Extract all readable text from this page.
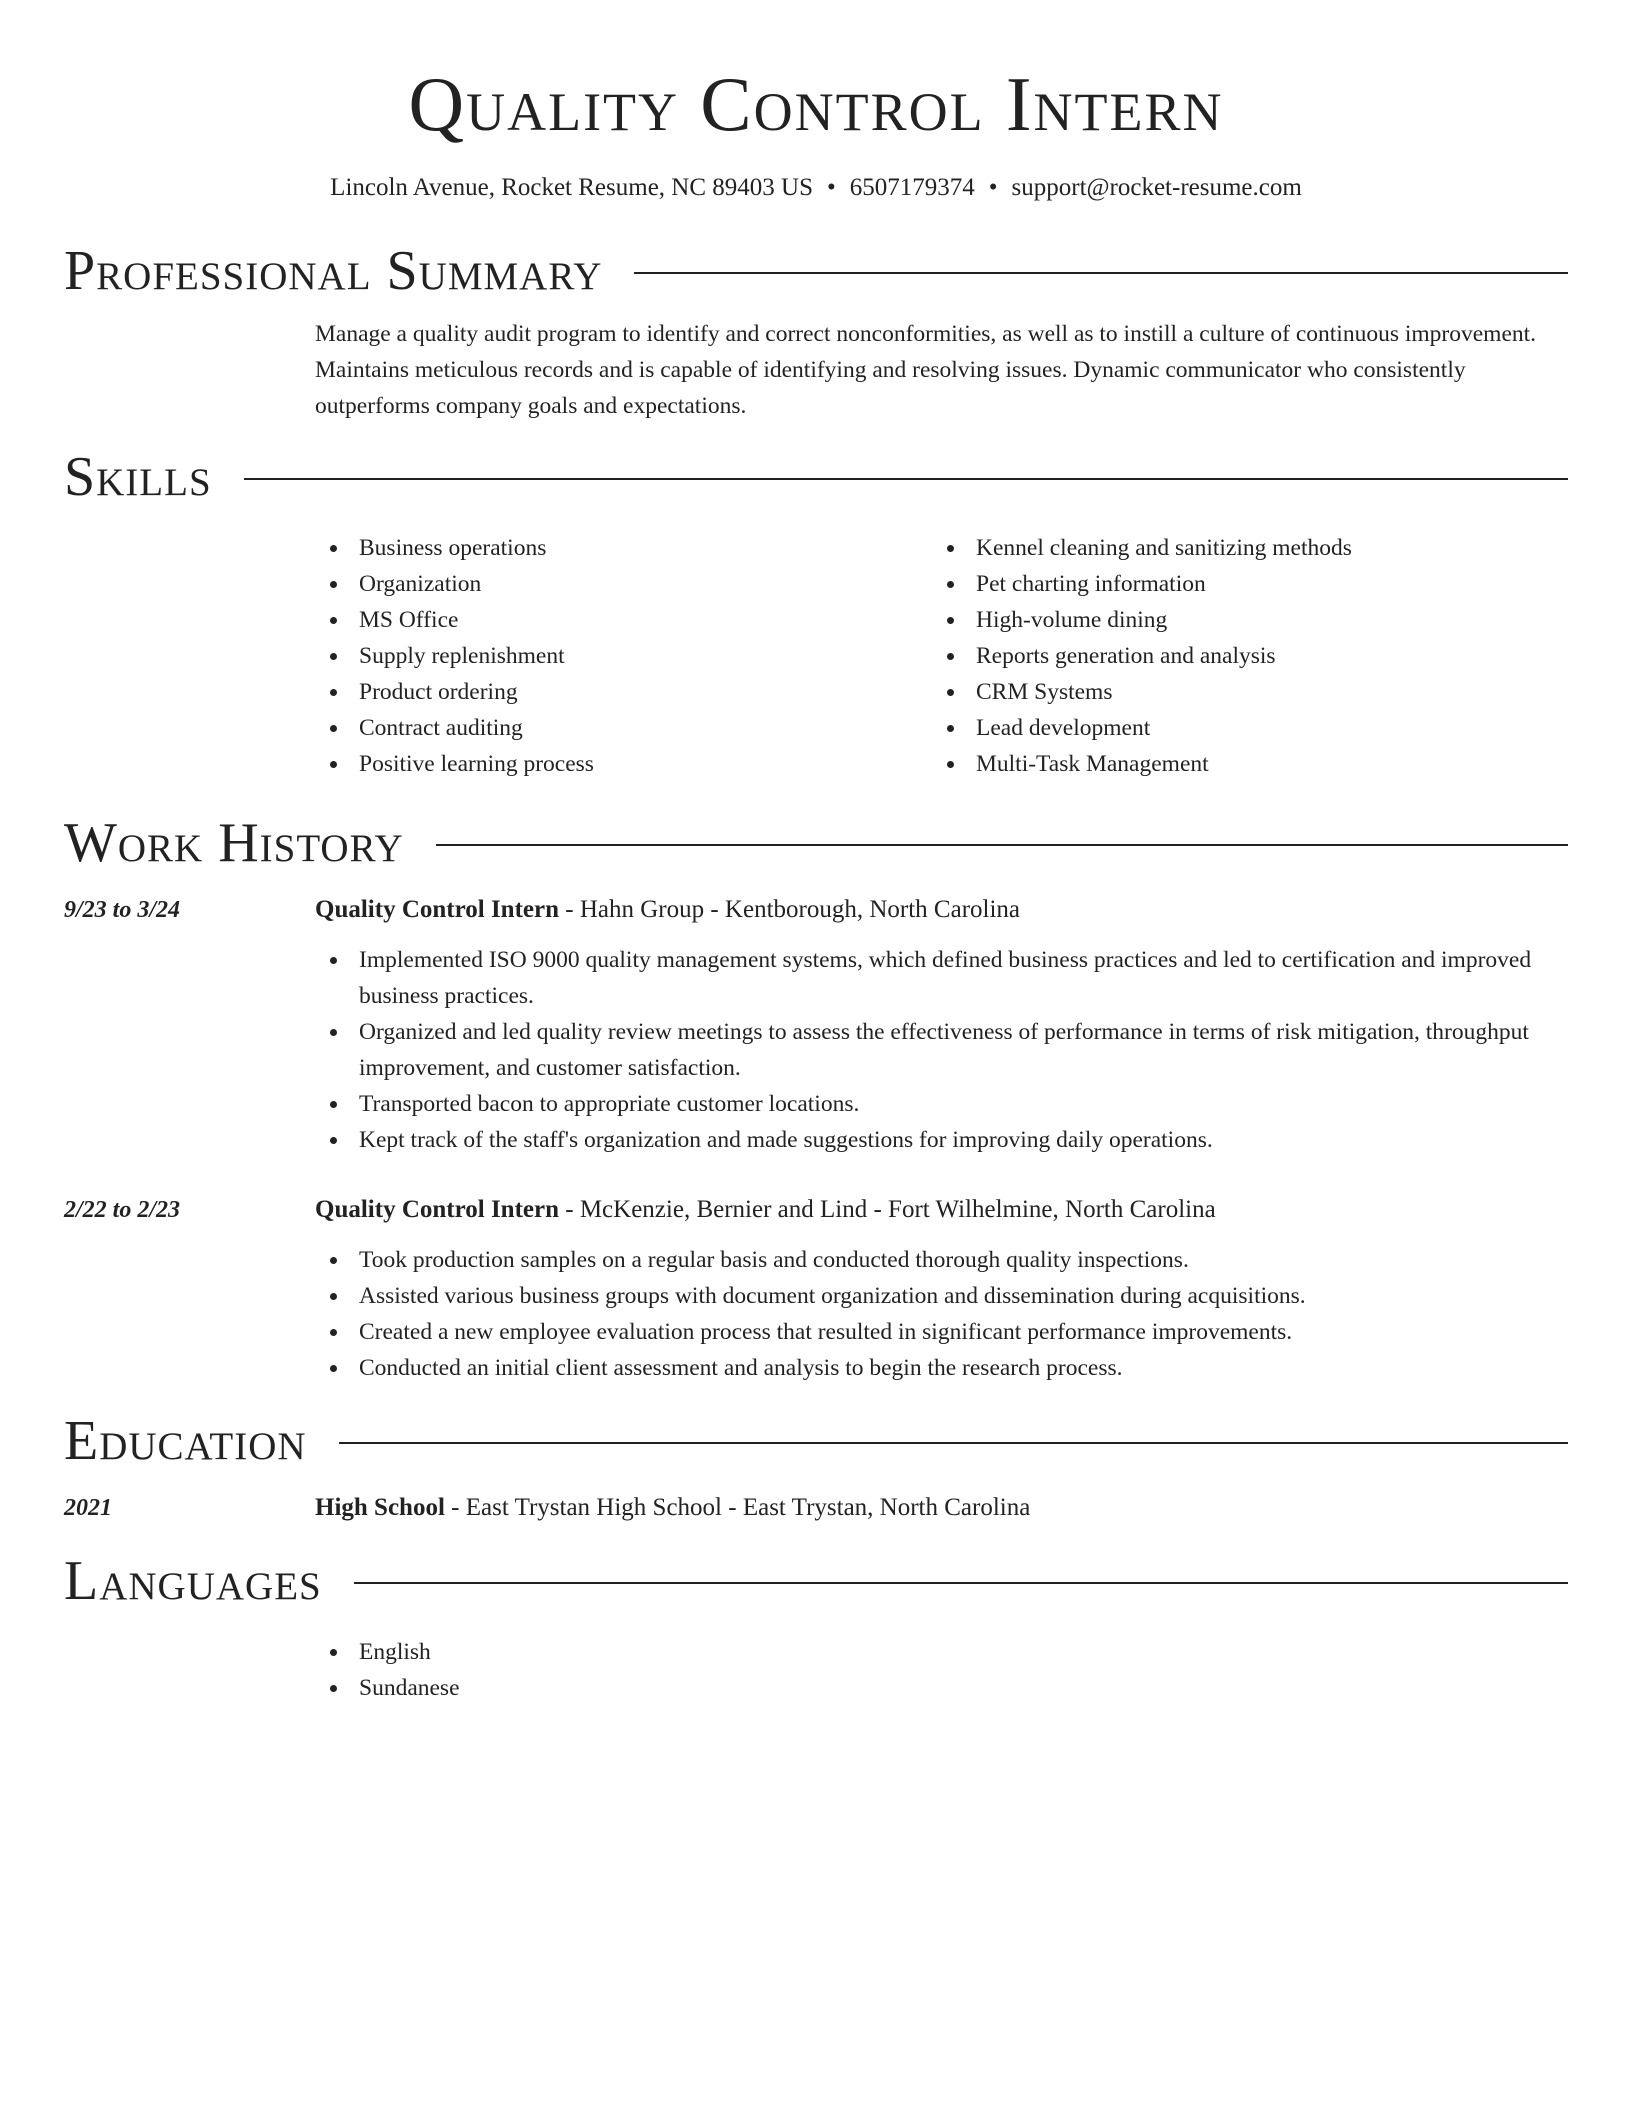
Quality Control Intern
Lincoln Avenue, Rocket Resume, NC 89403 US • 6507179374 • support@rocket-resume.com
Professional Summary

Manage a quality audit program to identify and correct nonconformities, as well as to instill a culture of continuous improvement. Maintains meticulous records and is capable of identifying and resolving issues. Dynamic communicator who consistently outperforms company goals and expectations.

Skills
Business operations
Organization
MS Office
Supply replenishment
Product ordering
Contract auditing
Positive learning process
Kennel cleaning and sanitizing methods
Pet charting information
High-volume dining
Reports generation and analysis
CRM Systems
Lead development
Multi-Task Management
Work History
9/23 to 3/24	Quality Control Intern - Hahn Group - Kentborough, North Carolina
Implemented ISO 9000 quality management systems, which defined business practices and led to certification and improved business practices.
Organized and led quality review meetings to assess the effectiveness of performance in terms of risk mitigation, throughput improvement, and customer satisfaction.
Transported bacon to appropriate customer locations.
Kept track of the staff's organization and made suggestions for improving daily operations.
2/22 to 2/23	Quality Control Intern - McKenzie, Bernier and Lind - Fort Wilhelmine, North Carolina
Took production samples on a regular basis and conducted thorough quality inspections.
Assisted various business groups with document organization and dissemination during acquisitions.
Created a new employee evaluation process that resulted in significant performance improvements.
Conducted an initial client assessment and analysis to begin the research process.
Education
2021	High School - East Trystan High School - East Trystan, North Carolina
Languages
English
Sundanese
